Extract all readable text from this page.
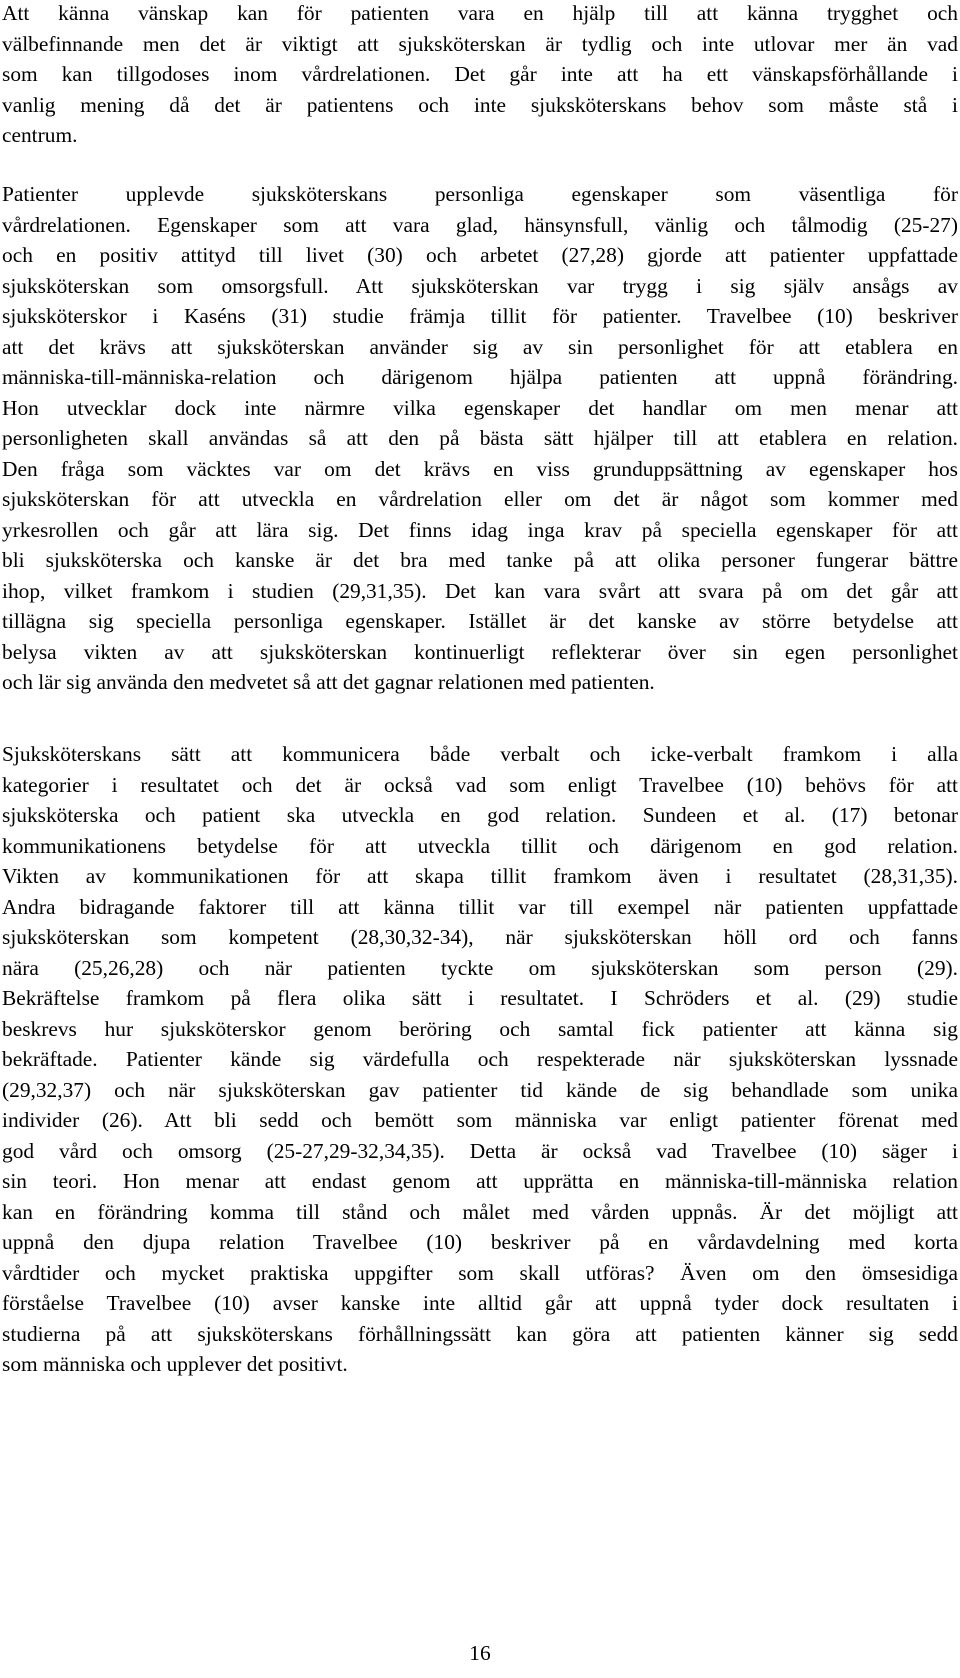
Att känna vänskap kan för patienten vara en hjälp till att känna trygghet och
välbefinnande men det är viktigt att sjuksköterskan är tydlig och inte utlovar mer än vad
som kan tillgodoses inom vårdrelationen. Det går inte att ha ett vänskapsförhållande i
vanlig mening då det är patientens och inte sjuksköterskans behov som måste stå i
centrum.
Patienter upplevde sjuksköterskans personliga egenskaper som väsentliga för
vårdrelationen. Egenskaper som att vara glad, hänsynsfull, vänlig och tålmodig (25-27)
och en positiv attityd till livet (30) och arbetet (27,28) gjorde att patienter uppfattade
sjuksköterskan som omsorgsfull. Att sjuksköterskan var trygg i sig själv ansågs av
sjuksköterskor i Kaséns (31) studie främja tillit för patienter. Travelbee (10) beskriver
att det krävs att sjuksköterskan använder sig av sin personlighet för att etablera en
människa-till-människa-relation och därigenom hjälpa patienten att uppnå förändring.
Hon utvecklar dock inte närmre vilka egenskaper det handlar om men menar att
personligheten skall användas så att den på bästa sätt hjälper till att etablera en relation.
Den fråga som väcktes var om det krävs en viss grunduppsättning av egenskaper hos
sjuksköterskan för att utveckla en vårdrelation eller om det är något som kommer med
yrkesrollen och går att lära sig. Det finns idag inga krav på speciella egenskaper för att
bli sjuksköterska och kanske är det bra med tanke på att olika personer fungerar bättre
ihop, vilket framkom i studien (29,31,35). Det kan vara svårt att svara på om det går att
tillägna sig speciella personliga egenskaper. Istället är det kanske av större betydelse att
belysa vikten av att sjuksköterskan kontinuerligt reflekterar över sin egen personlighet
och lär sig använda den medvetet så att det gagnar relationen med patienten.
Sjuksköterskans sätt att kommunicera både verbalt och icke-verbalt framkom i alla
kategorier i resultatet och det är också vad som enligt Travelbee (10) behövs för att
sjuksköterska och patient ska utveckla en god relation. Sundeen et al. (17) betonar
kommunikationens betydelse för att utveckla tillit och därigenom en god relation.
Vikten av kommunikationen för att skapa tillit framkom även i resultatet (28,31,35).
Andra bidragande faktorer till att känna tillit var till exempel när patienten uppfattade
sjuksköterskan som kompetent (28,30,32-34), när sjuksköterskan höll ord och fanns
nära (25,26,28) och när patienten tyckte om sjuksköterskan som person (29).
Bekräftelse framkom på flera olika sätt i resultatet. I Schröders et al. (29) studie
beskrevs hur sjuksköterskor genom beröring och samtal fick patienter att känna sig
bekräftade. Patienter kände sig värdefulla och respekterade när sjuksköterskan lyssnade
(29,32,37) och när sjuksköterskan gav patienter tid kände de sig behandlade som unika
individer (26). Att bli sedd och bemött som människa var enligt patienter förenat med
god vård och omsorg (25-27,29-32,34,35). Detta är också vad Travelbee (10) säger i
sin teori. Hon menar att endast genom att upprätta en människa-till-människa relation
kan en förändring komma till stånd och målet med vården uppnås. Är det möjligt att
uppnå den djupa relation Travelbee (10) beskriver på en vårdavdelning med korta
vårdtider och mycket praktiska uppgifter som skall utföras? Även om den ömsesidiga
förståelse Travelbee (10) avser kanske inte alltid går att uppnå tyder dock resultaten i
studierna på att sjuksköterskans förhållningssätt kan göra att patienten känner sig sedd
som människa och upplever det positivt.
16
